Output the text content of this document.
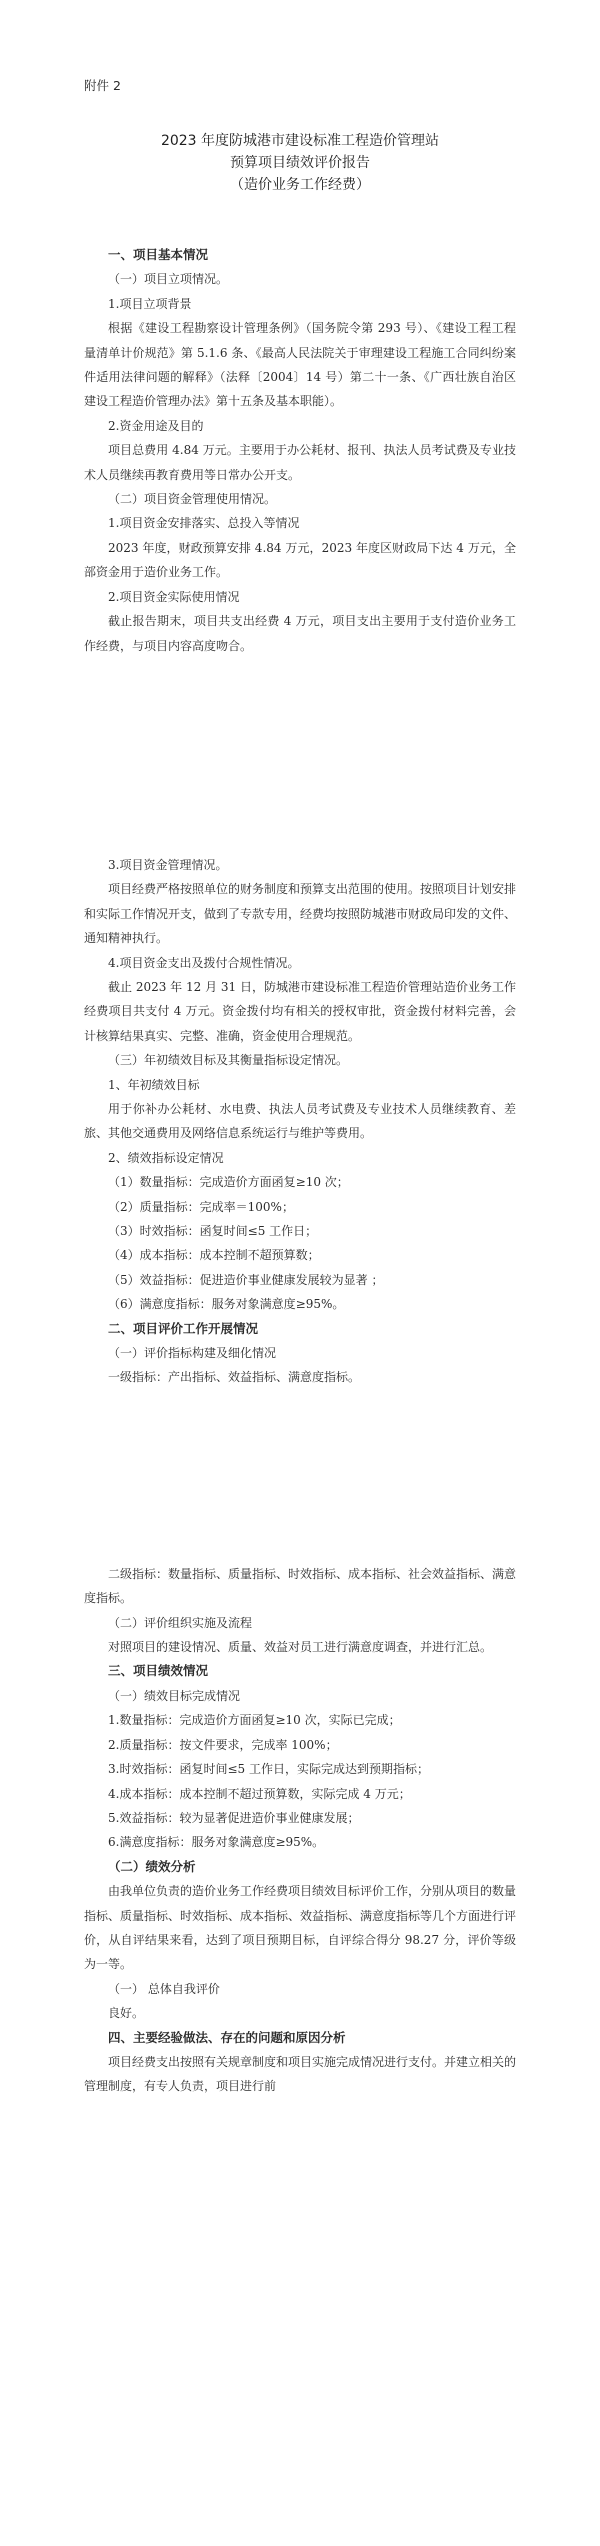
附件 2
2023 年度防城港市建设标准工程造价管理站
预算项目绩效评价报告
（造价业务工作经费）
一、项目基本情况
（一）项目立项情况。
1.项目立项背景
根据《建设工程勘察设计管理条例》（国务院令第 293 号）、《建设工程工程量清单计价规范》第 5.1.6 条、《最高人民法院关于审理建设工程施工合同纠纷案件适用法律问题的解释》（法释〔2004〕14 号）第二十一条、《广西壮族自治区建设工程造价管理办法》第十五条及基本职能）。
2.资金用途及目的
项目总费用 4.84 万元。主要用于办公耗材、报刊、执法人员考试费及专业技术人员继续再教育费用等日常办公开支。
（二）项目资金管理使用情况。
1.项目资金安排落实、总投入等情况
2023 年度，财政预算安排 4.84 万元，2023 年度区财政局下达 4 万元，全部资金用于造价业务工作。
2.项目资金实际使用情况
截止报告期末，项目共支出经费 4 万元，项目支出主要用于支付造价业务工作经费，与项目内容高度吻合。
3.项目资金管理情况。
项目经费严格按照单位的财务制度和预算支出范围的使用。按照项目计划安排和实际工作情况开支，做到了专款专用，经费均按照防城港市财政局印发的文件、通知精神执行。
4.项目资金支出及拨付合规性情况。
截止 2023 年 12 月 31 日，防城港市建设标准工程造价管理站造价业务工作经费项目共支付 4 万元。资金拨付均有相关的授权审批，资金拨付材料完善，会计核算结果真实、完整、准确，资金使用合理规范。
（三）年初绩效目标及其衡量指标设定情况。
1、年初绩效目标
用于你补办公耗材、水电费、执法人员考试费及专业技术人员继续教育、差旅、其他交通费用及网络信息系统运行与维护等费用。
2、绩效指标设定情况
（1）数量指标：完成造价方面函复≥10 次；
（2）质量指标：完成率＝100%；
（3）时效指标：函复时间≤5 工作日；
（4）成本指标：成本控制不超预算数；
（5）效益指标：促进造价事业健康发展较为显著 ；
（6）满意度指标：服务对象满意度≥95%。
二、项目评价工作开展情况
（一）评价指标构建及细化情况
一级指标：产出指标、效益指标、满意度指标。
二级指标：数量指标、质量指标、时效指标、成本指标、社会效益指标、满意度指标。
（二）评价组织实施及流程
对照项目的建设情况、质量、效益对员工进行满意度调查，并进行汇总。
三、项目绩效情况
（一）绩效目标完成情况
1.数量指标：完成造价方面函复≥10 次，实际已完成；
2.质量指标：按文件要求，完成率 100%；
3.时效指标：函复时间≤5 工作日，实际完成达到预期指标；
4.成本指标：成本控制不超过预算数，实际完成 4 万元；
5.效益指标：较为显著促进造价事业健康发展；
6.满意度指标：服务对象满意度≥95%。
（二）绩效分析
由我单位负责的造价业务工作经费项目绩效目标评价工作，分别从项目的数量指标、质量指标、时效指标、成本指标、效益指标、满意度指标等几个方面进行评价，从自评结果来看，达到了项目预期目标，自评综合得分 98.27 分，评价等级为一等。
（一） 总体自我评价
良好。
四、主要经验做法、存在的问题和原因分析
项目经费支出按照有关规章制度和项目实施完成情况进行支付。并建立相关的管理制度，有专人负责，项目进行前
